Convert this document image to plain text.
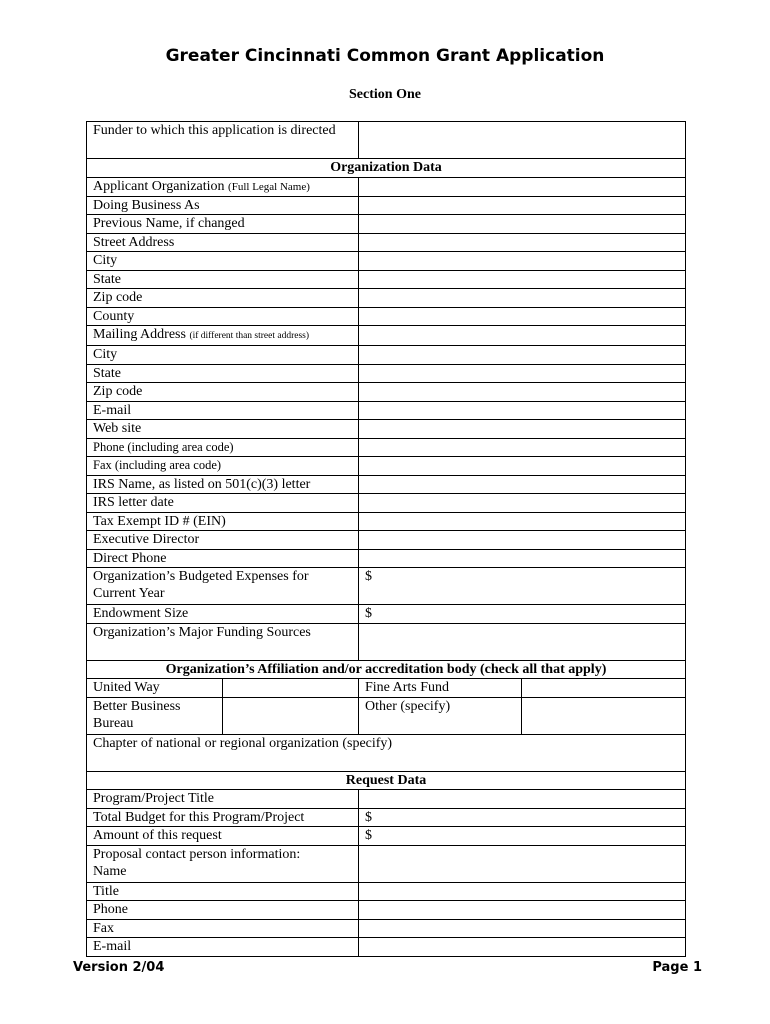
Greater Cincinnati Common Grant Application
Section One
Funder to which this application is directed			
Organization Data			
Applicant Organization (Full Legal Name)			
Doing Business As			
Previous Name, if changed			
Street Address			
City			
State			
Zip code			
County			
Mailing Address (if different than street address)			
City			
State			
Zip code			
E-mail			
Web site			
Phone (including area code)			
Fax (including area code)			
IRS Name, as listed on 501(c)(3) letter			
IRS letter date			
Tax Exempt ID # (EIN)			
Executive Director			
Direct Phone			
Organization’s Budgeted Expenses for Current Year		$	
Endowment Size		$	
Organization’s Major Funding Sources			
Organization’s Affiliation and/or accreditation body (check all that apply)			
United Way		Fine Arts Fund	
Better Business Bureau		Other (specify)	
Chapter of national or regional organization (specify)			
Request Data			
Program/Project Title			
Total Budget for this Program/Project		$	
Amount of this request		$	
Proposal contact person information:
Name			
Title			
Phone			
Fax			
E-mail			
Version 2/04	Page 1
